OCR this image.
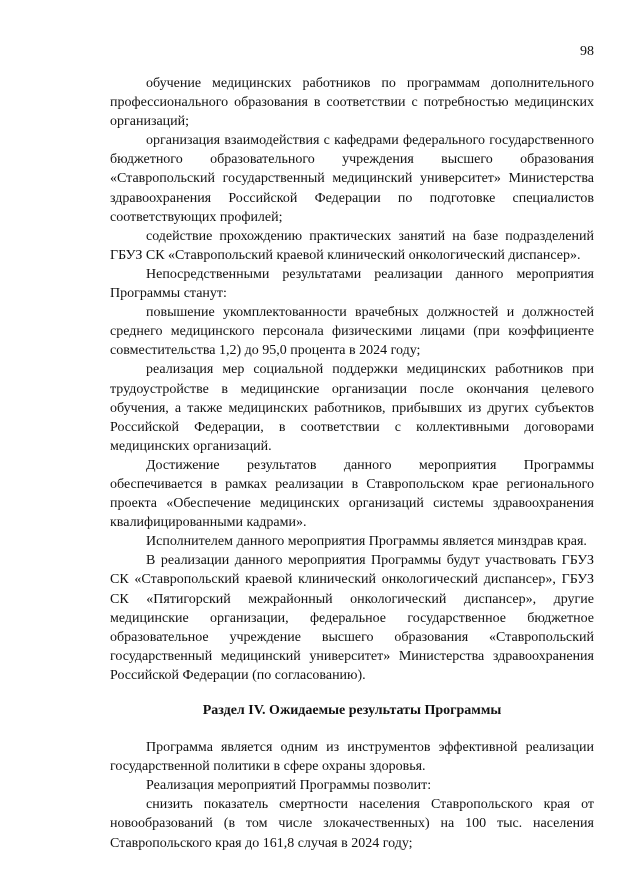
98

обучение медицинских работников по программам дополнительного профессионального образования в соответствии с потребностью медицинских организаций;

организация взаимодействия с кафедрами федерального государственного бюджетного образовательного учреждения высшего образования «Ставропольский государственный медицинский университет» Министерства здравоохранения Российской Федерации по подготовке специалистов соответствующих профилей;

содействие прохождению практических занятий на базе подразделений ГБУЗ СК «Ставропольский краевой клинический онкологический диспансер».

Непосредственными результатами реализации данного мероприятия Программы станут:

повышение укомплектованности врачебных должностей и должностей среднего медицинского персонала физическими лицами (при коэффициенте совместительства 1,2) до 95,0 процента в 2024 году;

реализация мер социальной поддержки медицинских работников при трудоустройстве в медицинские организации после окончания целевого обучения, а также медицинских работников, прибывших из других субъектов Российской Федерации, в соответствии с коллективными договорами медицинских организаций.

Достижение результатов данного мероприятия Программы обеспечивается в рамках реализации в Ставропольском крае регионального проекта «Обеспечение медицинских организаций системы здравоохранения квалифицированными кадрами».

Исполнителем данного мероприятия Программы является минздрав края.

В реализации данного мероприятия Программы будут участвовать ГБУЗ СК «Ставропольский краевой клинический онкологический диспансер», ГБУЗ СК «Пятигорский межрайонный онкологический диспансер», другие медицинские организации, федеральное государственное бюджетное образовательное учреждение высшего образования «Ставропольский государственный медицинский университет» Министерства здравоохранения Российской Федерации (по согласованию).

Раздел IV. Ожидаемые результаты Программы

Программа является одним из инструментов эффективной реализации государственной политики в сфере охраны здоровья.

Реализация мероприятий Программы позволит:

снизить показатель смертности населения Ставропольского края от новообразований (в том числе злокачественных) на 100 тыс. населения Ставропольского края до 161,8 случая в 2024 году;
